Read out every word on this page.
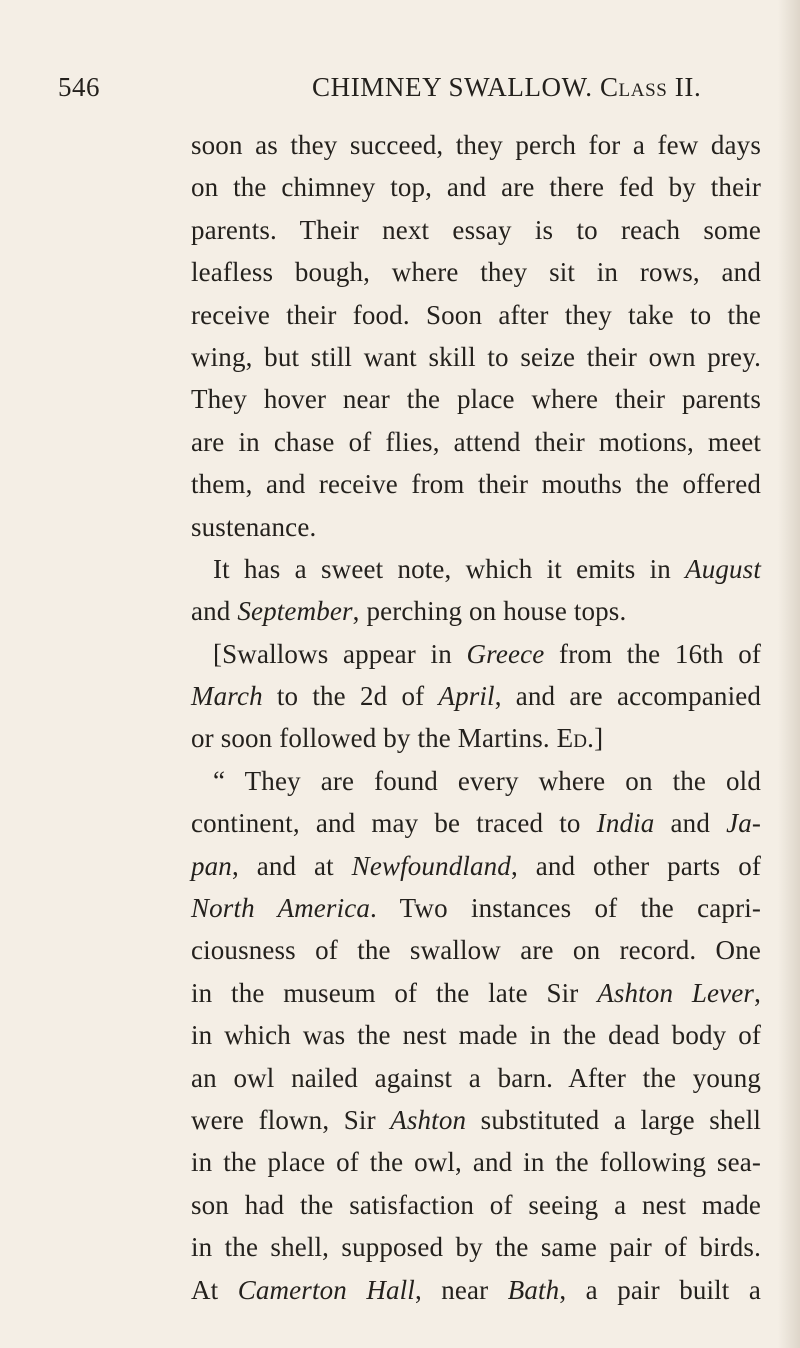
546	CHIMNEY SWALLOW. Class II.
soon as they succeed, they perch for a few days
on the chimney top, and are there fed by their
parents. Their next essay is to reach some
leafless bough, where they sit in rows, and
receive their food. Soon after they take to the
wing, but still want skill to seize their own prey.
They hover near the place where their parents
are in chase of flies, attend their motions, meet
them, and receive from their mouths the offered
sustenance.
It has a sweet note, which it emits in August
and September, perching on house tops.
[Swallows appear in Greece from the 16th of
March to the 2d of April, and are accompanied
or soon followed by the Martins. Ed.]
“ They are found every where on the old
continent, and may be traced to India and Ja-
pan, and at Newfoundland, and other parts of
North America. Two instances of the capri-
ciousness of the swallow are on record. One
in the museum of the late Sir Ashton Lever,
in which was the nest made in the dead body of
an owl nailed against a barn. After the young
were flown, Sir Ashton substituted a large shell
in the place of the owl, and in the following sea-
son had the satisfaction of seeing a nest made
in the shell, supposed by the same pair of birds.
At Camerton Hall, near Bath, a pair built a
